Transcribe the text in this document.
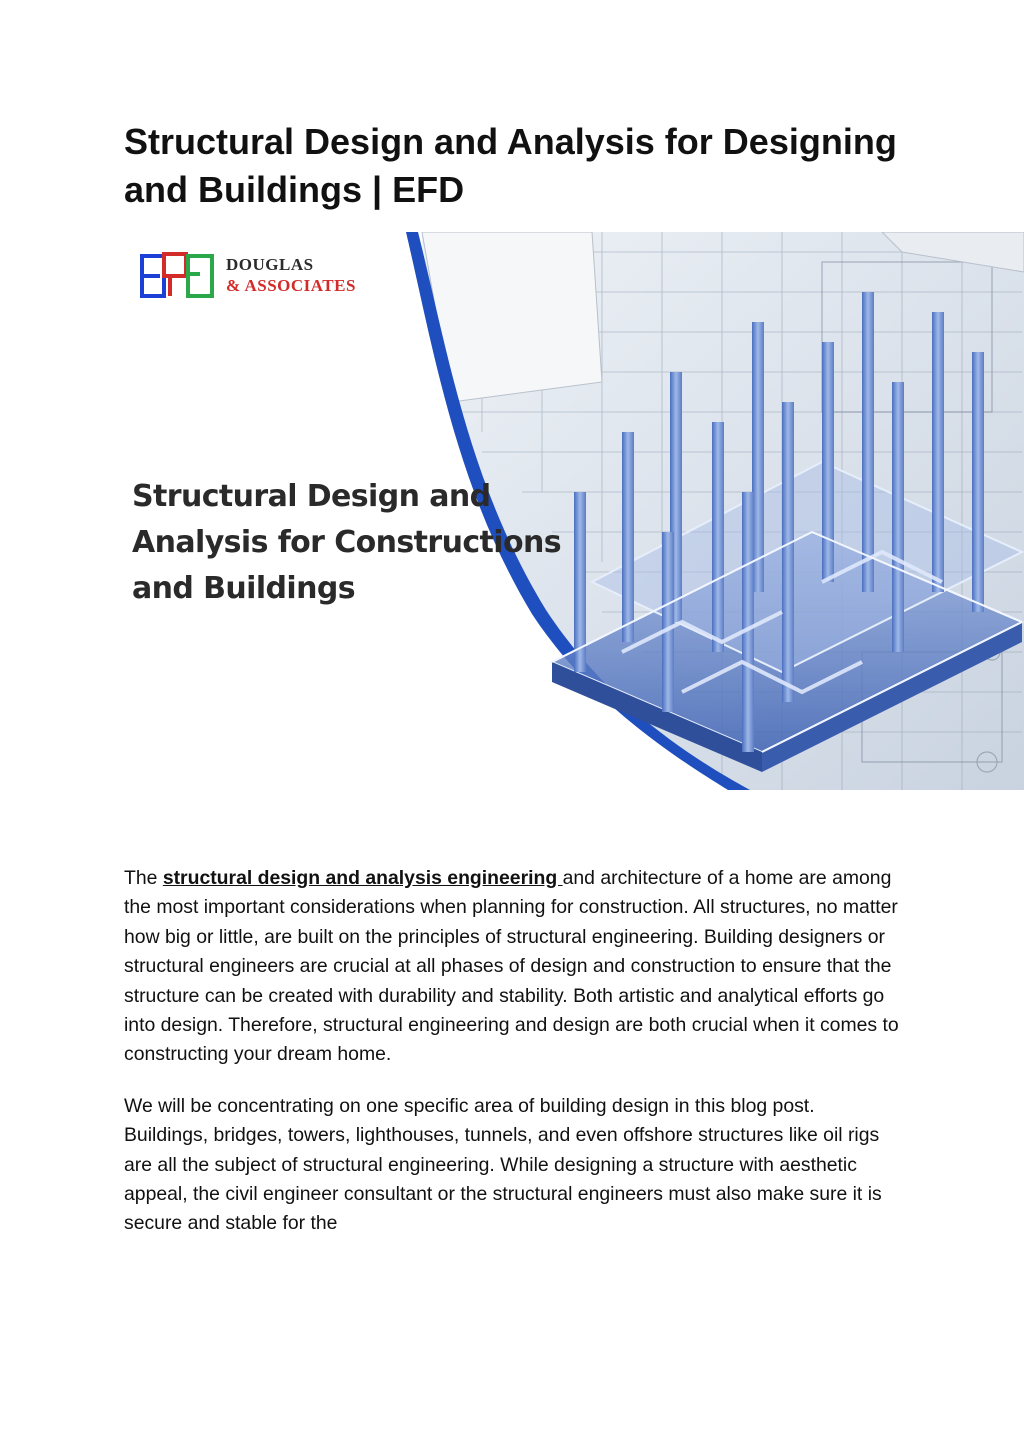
Structural Design and Analysis for Designing and Buildings | EFD
DOUGLAS
& ASSOCIATES
Structural Design and Analysis for Constructions and Buildings

The structural design and analysis engineering and architecture of a home are among the most important considerations when planning for construction. All structures, no matter how big or little, are built on the principles of structural engineering. Building designers or structural engineers are crucial at all phases of design and construction to ensure that the structure can be created with durability and stability. Both artistic and analytical efforts go into design. Therefore, structural engineering and design are both crucial when it comes to constructing your dream home.

We will be concentrating on one specific area of building design in this blog post. Buildings, bridges, towers, lighthouses, tunnels, and even offshore structures like oil rigs are all the subject of structural engineering. While designing a structure with aesthetic appeal, the civil engineer consultant or the structural engineers must also make sure it is secure and stable for the
